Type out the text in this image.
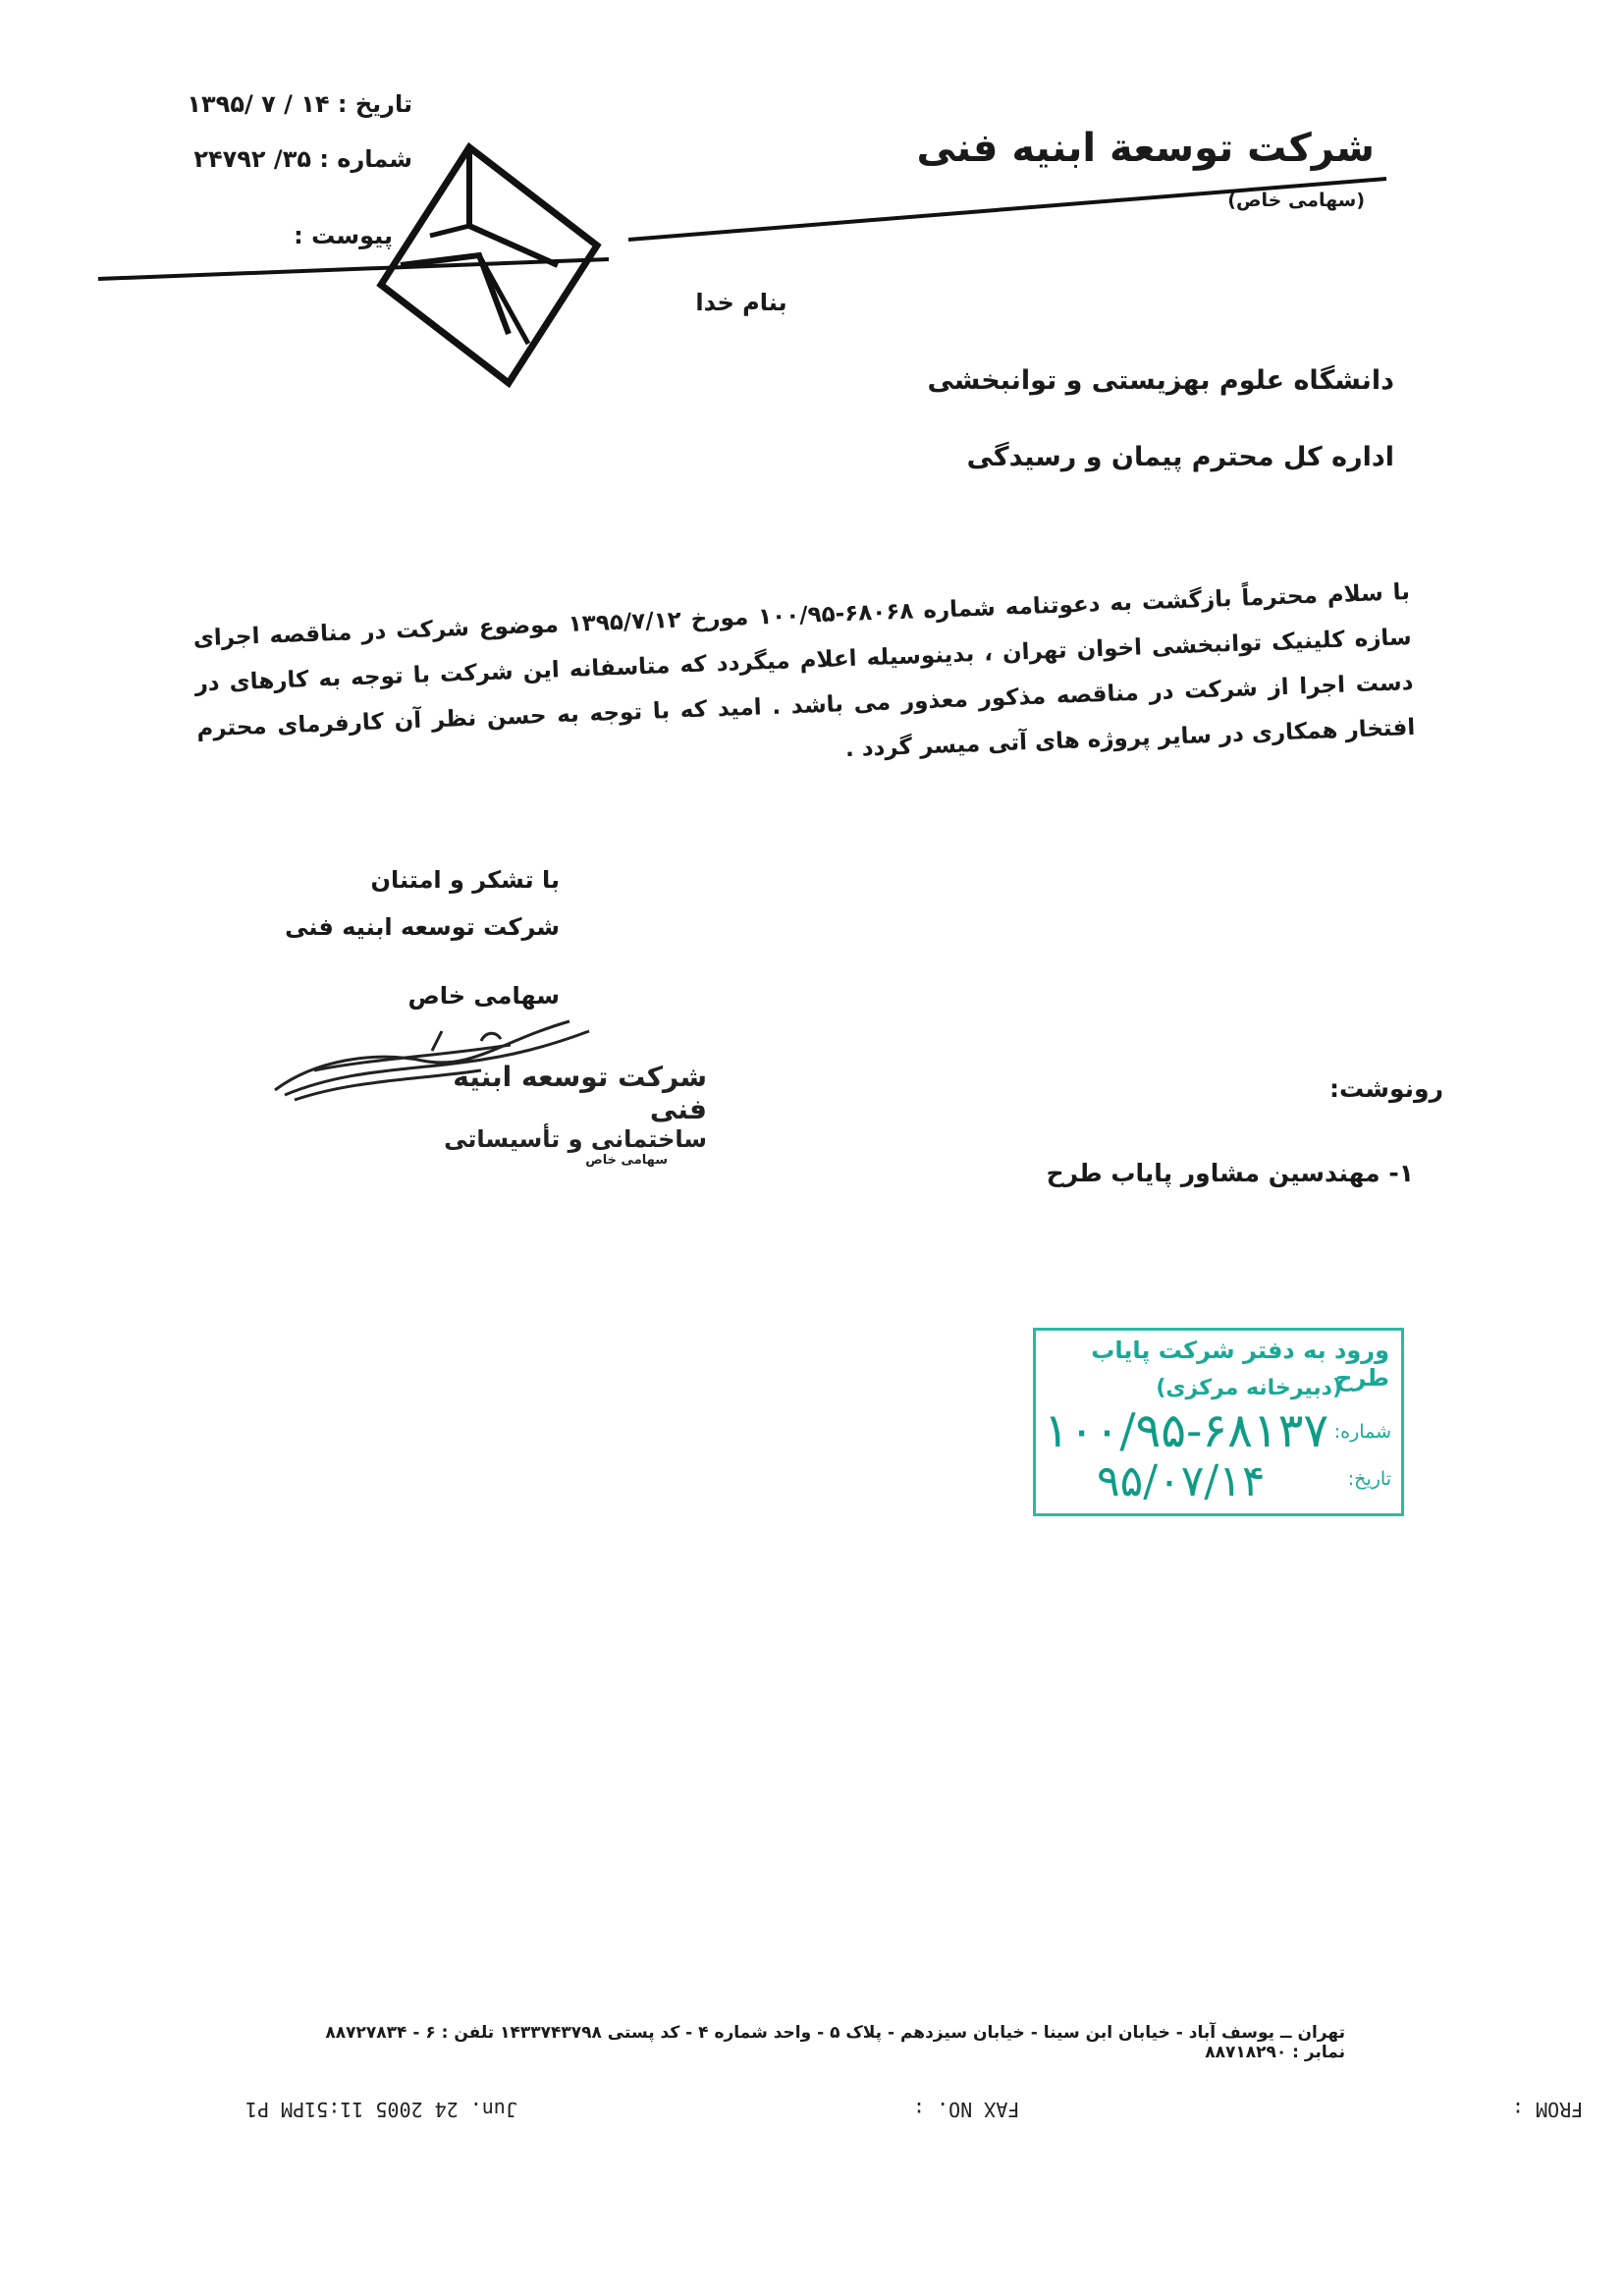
شرکت توسعة ابنیه فنی (سهامی خاص)
تاریخ : ۱۴ / ۷ /۱۳۹۵
شماره : ۳۵/ ۲۴۷۹۲
پیوست :
بنام خدا
دانشگاه علوم بهزیستی و توانبخشی
اداره کل محترم پیمان و رسیدگی
با سلام محترماً بازگشت به دعوتنامه شماره ۶۸۰۶۸-۱۰۰/۹۵ مورخ ۱۳۹۵/۷/۱۲ موضوع شرکت در مناقصه اجرای سازه کلینیک توانبخشی اخوان تهران ، بدینوسیله اعلام میگردد که متاسفانه این شرکت با توجه به کارهای در دست اجرا از شرکت در مناقصه مذکور معذور می باشد . امید که با توجه به حسن نظر آن کارفرمای محترم افتخار همکاری در سایر پروژه های آتی میسر گردد .
با تشکر و امتنان
شرکت توسعه ابنیه فنی
سهامی خاص
شرکت توسعه ابنیه فنی
ساختمانی و تأسیساتی
سهامی خاص
رونوشت:
۱- مهندسین مشاور پایاب طرح
ورود به دفتر شرکت پایاب طرح
(دبیرخانه مرکزی)
شماره:
تاریخ:
۱۰۰/۹۵-۶۸۱۳۷
۹۵/۰۷/۱۴
تهران ــ یوسف آباد - خیابان ابن سینا - خیابان سیزدهم - پلاک ۵ - واحد شماره ۴ - کد پستی ۱۴۳۳۷۴۳۷۹۸ تلفن : ۶ - ۸۸۷۲۷۸۳۴ نمابر : ۸۸۷۱۸۲۹۰
Jun. 24 2005 11:51PM P1	FAX NO. :	FROM :
